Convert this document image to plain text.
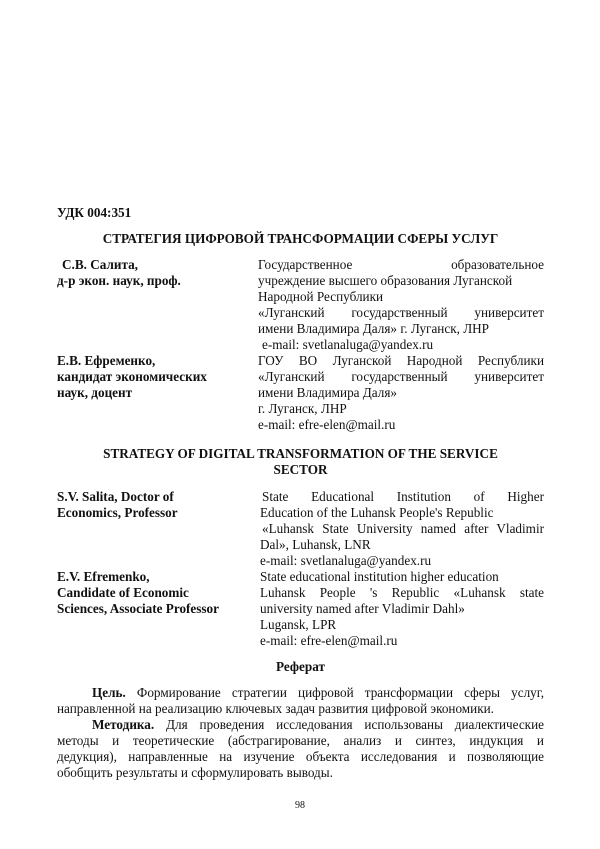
УДК 004:351
СТРАТЕГИЯ ЦИФРОВОЙ ТРАНСФОРМАЦИИ СФЕРЫ УСЛУГ
С.В. Салита,
д-р экон. наук, проф.
Государственное образовательное
учреждение высшего образования Луганской
Народной Республики
«Луганский государственный университет
имени Владимира Даля» г. Луганск, ЛНР
e-mail: svetlanaluga@yandex.ru
Е.В. Ефременко,
кандидат экономических
наук, доцент
ГОУ ВО Луганской Народной Республики
«Луганский государственный университет
имени Владимира Даля»
г. Луганск, ЛНР
e-mail: efre-elen@mail.ru
STRATEGY OF DIGITAL TRANSFORMATION OF THE SERVICE
SECTOR
S.V. Salita, Doctor of
Economics, Professor
State Educational Institution of Higher
Education of the Luhansk People's Republic
«Luhansk State University named after Vladimir
Dal», Luhansk, LNR
e-mail: svetlanaluga@yandex.ru
E.V. Efremenko,
Candidate of Economic
Sciences, Associate Professor
State educational institution higher education
Luhansk People 's Republic «Luhansk state
university named after Vladimir Dahl»
Lugansk, LPR
e-mail: efre-elen@mail.ru
Реферат
Цель. Формирование стратегии цифровой трансформации сферы услуг,
направленной на реализацию ключевых задач развития цифровой экономики.
Методика. Для проведения исследования использованы диалектические
методы и теоретические (абстрагирование, анализ и синтез, индукция и
дедукция), направленные на изучение объекта исследования и позволяющие
обобщить результаты и сформулировать выводы.
98
